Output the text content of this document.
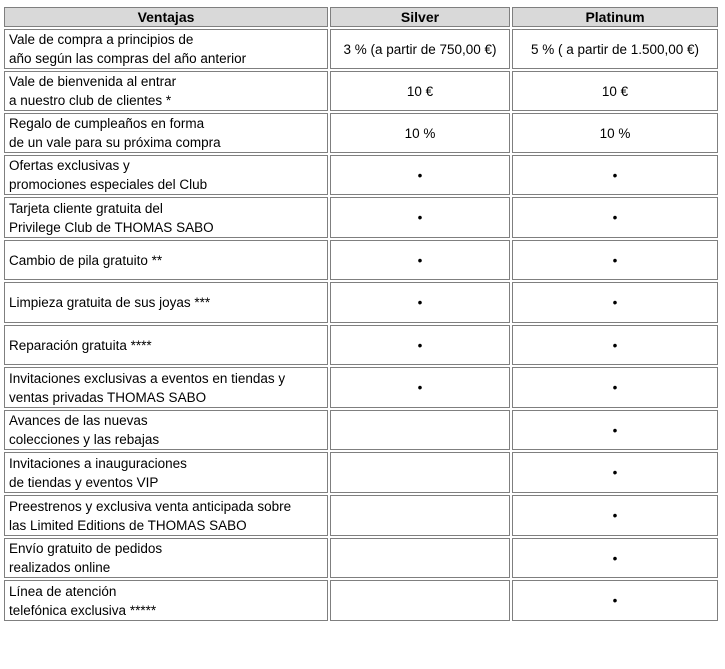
Ventajas	Silver	Platinum

Vale de compra a principios de
año según las compras del año anterior	3 % (a partir de 750,00 €)	5 % ( a partir de 1.500,00 €)

Vale de bienvenida al entrar
a nuestro club de clientes *	10 €	10 €

Regalo de cumpleaños en forma
de un vale para su próxima compra	10 %	10 %

Ofertas exclusivas y
promociones especiales del Club	•	•

Tarjeta cliente gratuita del
Privilege Club de THOMAS SABO	•	•

Cambio de pila gratuito **	•	•

Limpieza gratuita de sus joyas ***	•	•

Reparación gratuita ****	•	•

Invitaciones exclusivas a eventos en tiendas y
ventas privadas THOMAS SABO	•	•

Avances de las nuevas
colecciones y las rebajas		•

Invitaciones a inauguraciones
de tiendas y eventos VIP		•

Preestrenos y exclusiva venta anticipada sobre
las Limited Editions de THOMAS SABO		•

Envío gratuito de pedidos
realizados online		•

Línea de atención
telefónica exclusiva *****		•
